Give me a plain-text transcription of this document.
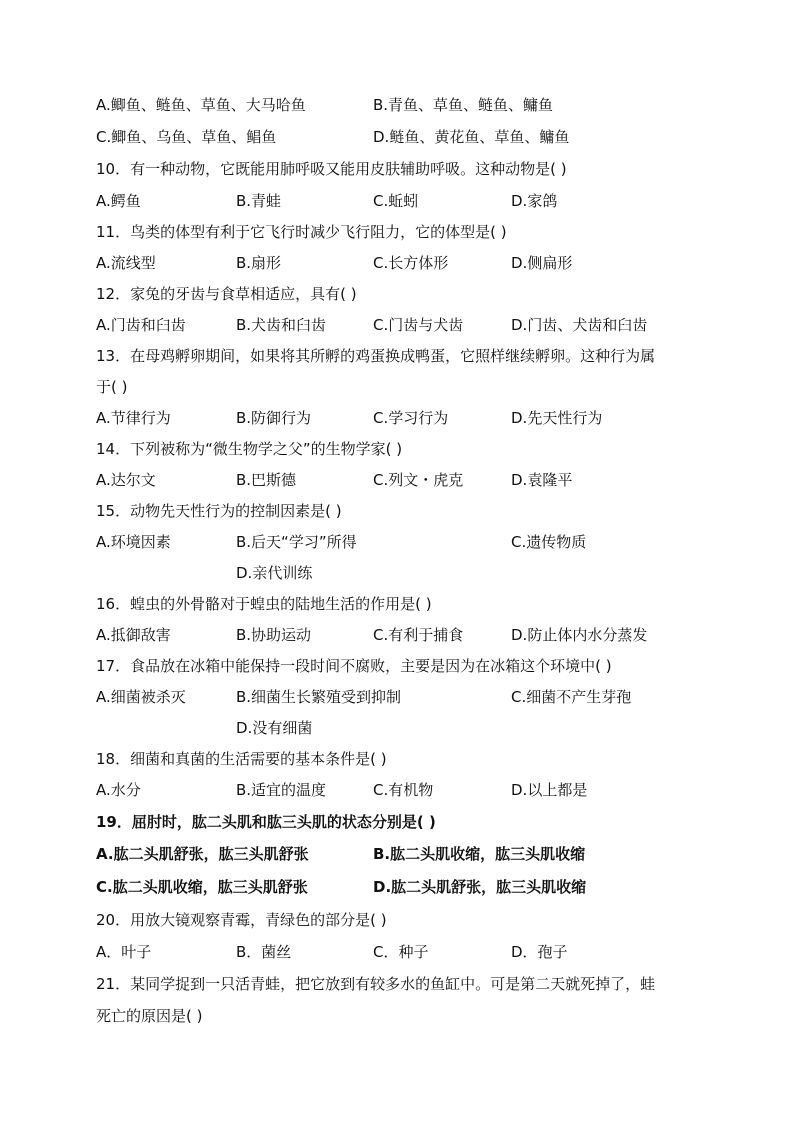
A.鲫鱼、鲢鱼、草鱼、大马哈鱼	B.青鱼、草鱼、鲢鱼、鳙鱼
C.鲫鱼、乌鱼、草鱼、鲳鱼	D.鲢鱼、黄花鱼、草鱼、鳙鱼
10．有一种动物，它既能用肺呼吸又能用皮肤辅助呼吸。这种动物是( )
A.鳄鱼	B.青蛙	C.蚯蚓	D.家鸽
11．鸟类的体型有利于它飞行时减少飞行阻力，它的体型是( )
A.流线型	B.扇形	C.长方体形	D.侧扁形
12．家兔的牙齿与食草相适应，具有( )
A.门齿和臼齿	B.犬齿和臼齿	C.门齿与犬齿	D.门齿、犬齿和臼齿
13．在母鸡孵卵期间，如果将其所孵的鸡蛋换成鸭蛋，它照样继续孵卵。这种行为属
于( )
A.节律行为	B.防御行为	C.学习行为	D.先天性行为
14．下列被称为“微生物学之父”的生物学家( )
A.达尔文	B.巴斯德	C.列文・虎克	D.袁隆平
15．动物先天性行为的控制因素是( )
A.环境因素	B.后天“学习”所得	C.遗传物质
D.亲代训练
16．蝗虫的外骨骼对于蝗虫的陆地生活的作用是( )
A.抵御敌害	B.协助运动	C.有利于捕食	D.防止体内水分蒸发
17．食品放在冰箱中能保持一段时间不腐败，主要是因为在冰箱这个环境中( )
A.细菌被杀灭	B.细菌生长繁殖受到抑制	C.细菌不产生芽孢
D.没有细菌
18．细菌和真菌的生活需要的基本条件是( )
A.水分	B.适宜的温度	C.有机物	D.以上都是
19．屈肘时，肱二头肌和肱三头肌的状态分别是( )
A.肱二头肌舒张，肱三头肌舒张	B.肱二头肌收缩，肱三头肌收缩
C.肱二头肌收缩，肱三头肌舒张	D.肱二头肌舒张，肱三头肌收缩
20．用放大镜观察青霉，青绿色的部分是( )
A．叶子	B．菌丝	C．种子	D．孢子
21．某同学捉到一只活青蛙，把它放到有较多水的鱼缸中。可是第二天就死掉了，蛙
死亡的原因是( )
